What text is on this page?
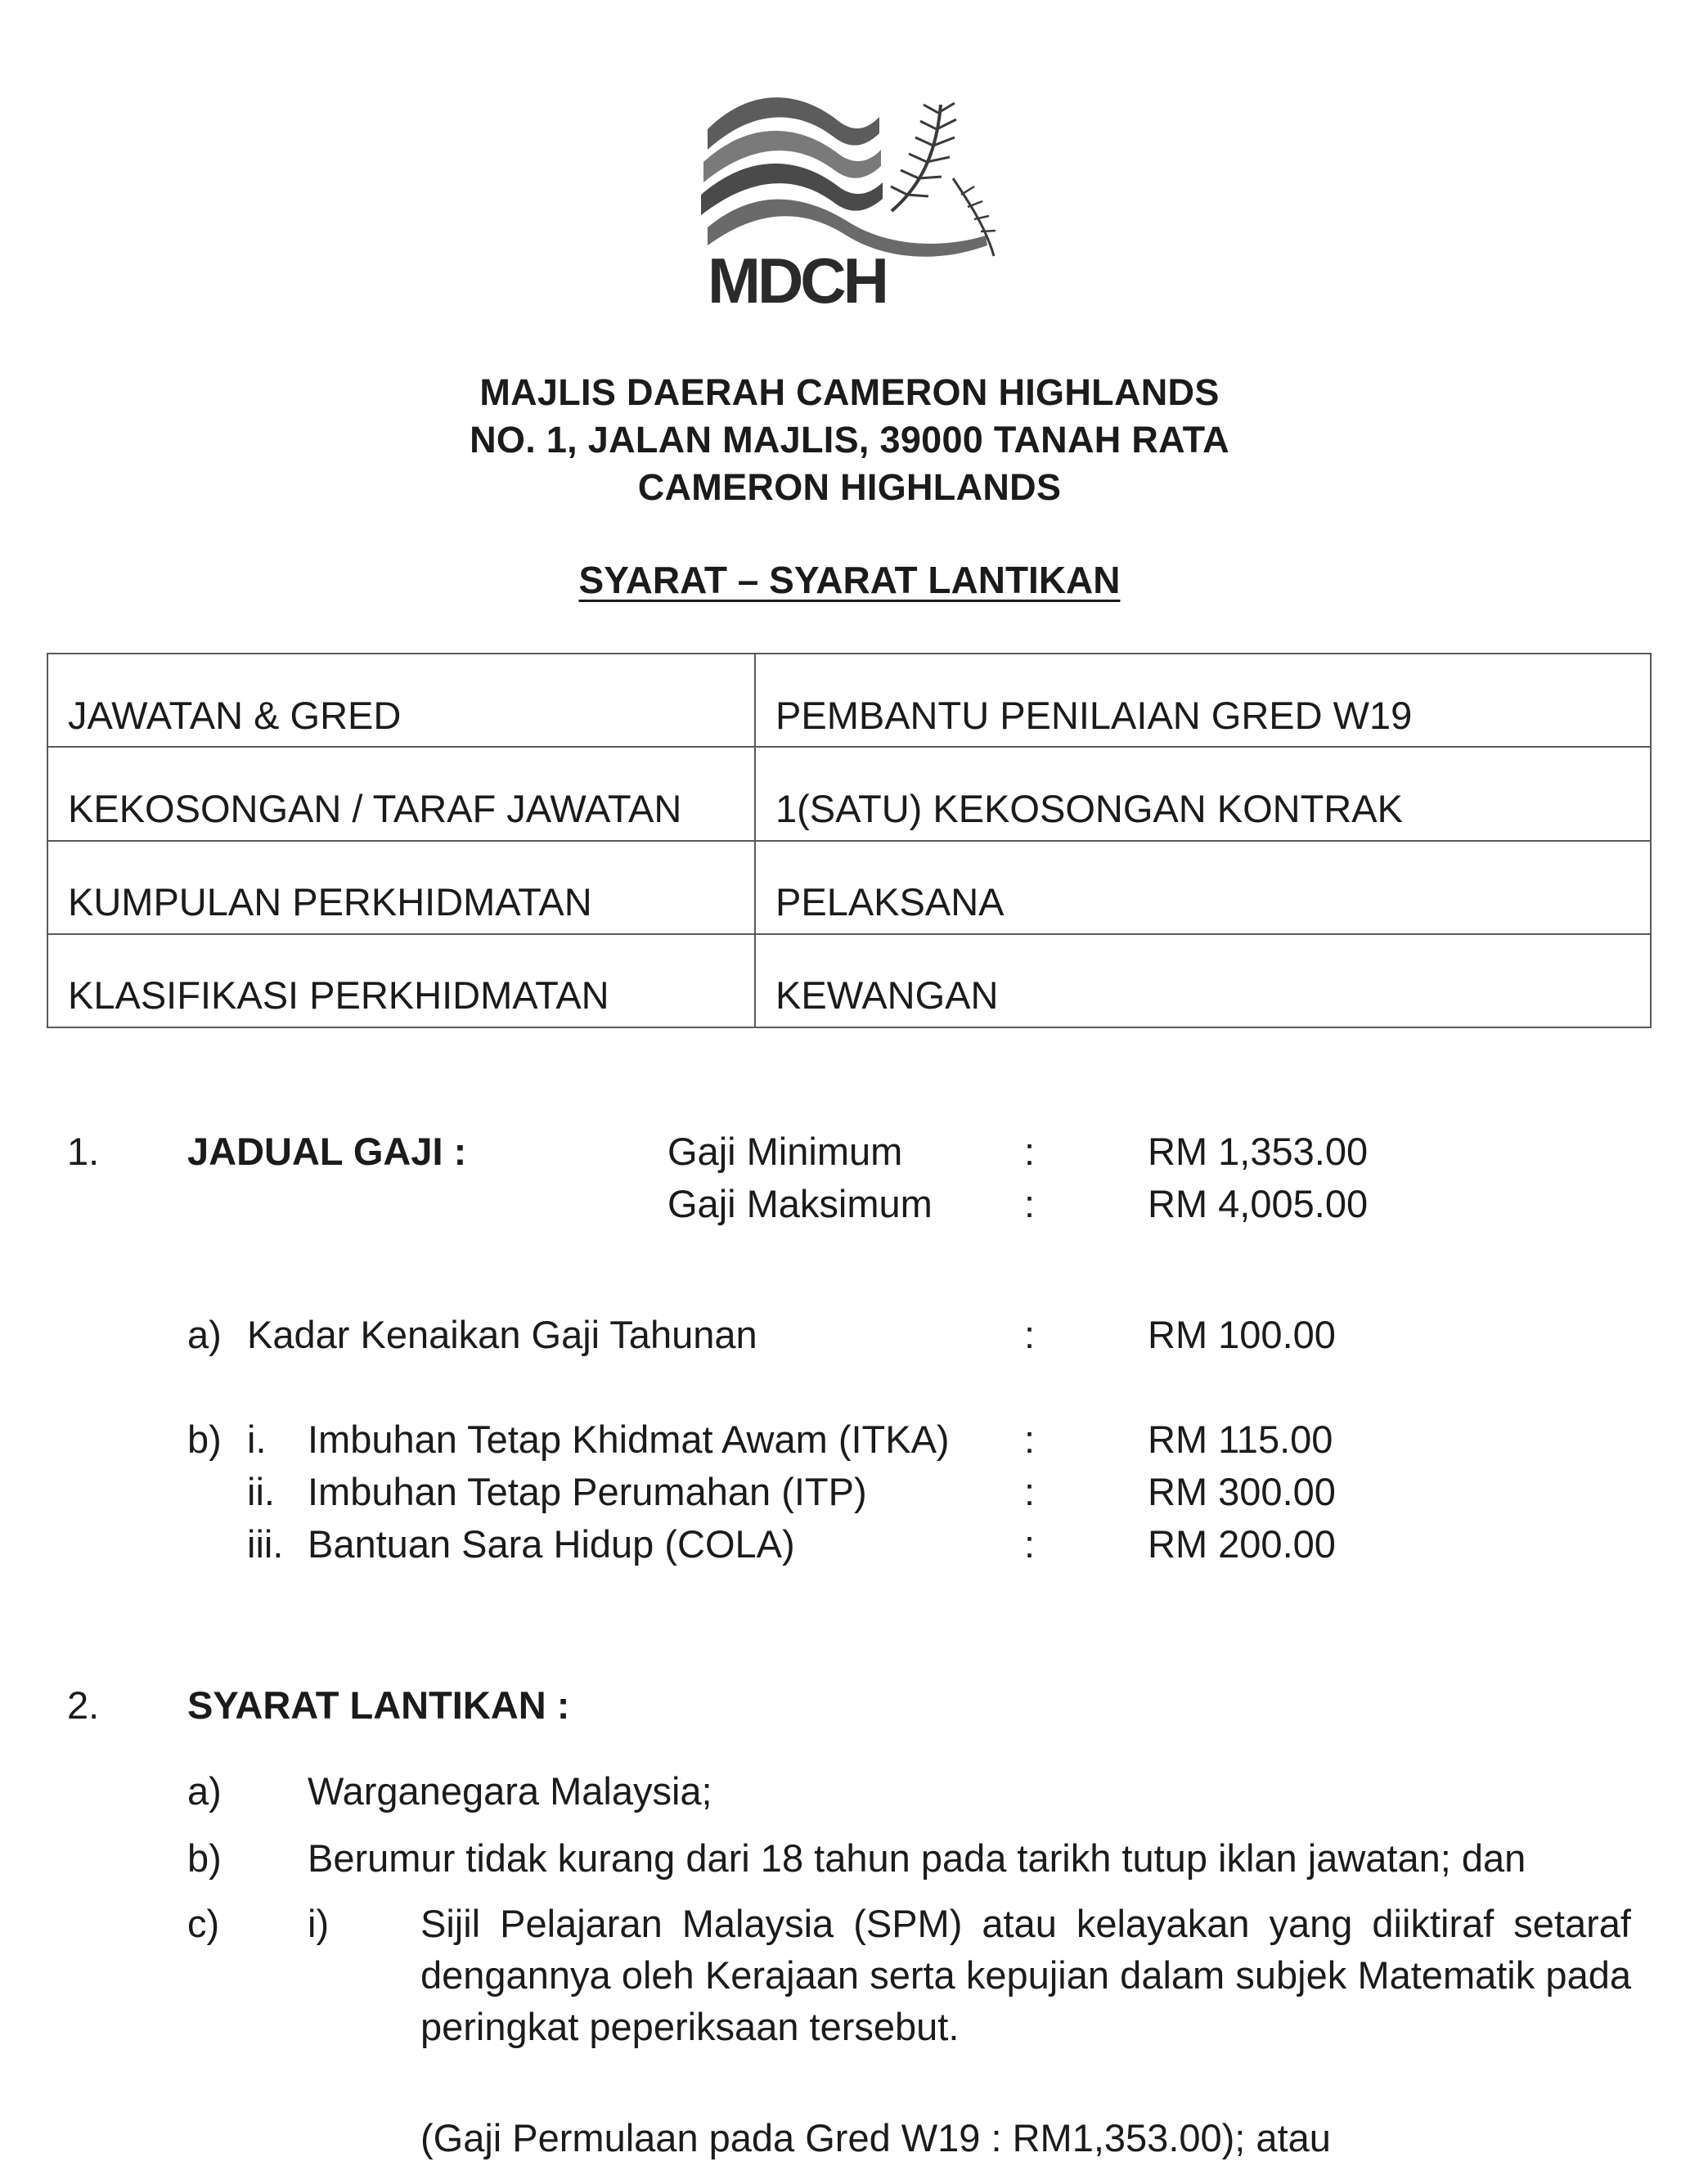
MDCH
MAJLIS DAERAH CAMERON HIGHLANDS
NO. 1, JALAN MAJLIS, 39000 TANAH RATA
CAMERON HIGHLANDS
SYARAT – SYARAT LANTIKAN
JAWATAN & GRED	PEMBANTU PENILAIAN GRED W19
KEKOSONGAN / TARAF JAWATAN	1(SATU) KEKOSONGAN KONTRAK
KUMPULAN PERKHIDMATAN	PELAKSANA
KLASIFIKASI PERKHIDMATAN	KEWANGAN
1. JADUAL GAJI :	Gaji Minimum	:	RM 1,353.00
Gaji Maksimum :	RM 4,005.00
a) Kadar Kenaikan Gaji Tahunan	:	RM 100.00
b) i. Imbuhan Tetap Khidmat Awam (ITKA) :	RM 115.00
ii. Imbuhan Tetap Perumahan (ITP)	:	RM 300.00
iii. Bantuan Sara Hidup (COLA)	:	RM 200.00
2. SYARAT LANTIKAN :
a) Warganegara Malaysia;
b) Berumur tidak kurang dari 18 tahun pada tarikh tutup iklan jawatan; dan
c) i) Sijil Pelajaran Malaysia (SPM) atau kelayakan yang diiktiraf setaraf dengannya oleh Kerajaan serta kepujian dalam subjek Matematik pada peringkat peperiksaan tersebut.
(Gaji Permulaan pada Gred W19 : RM1,353.00); atau
